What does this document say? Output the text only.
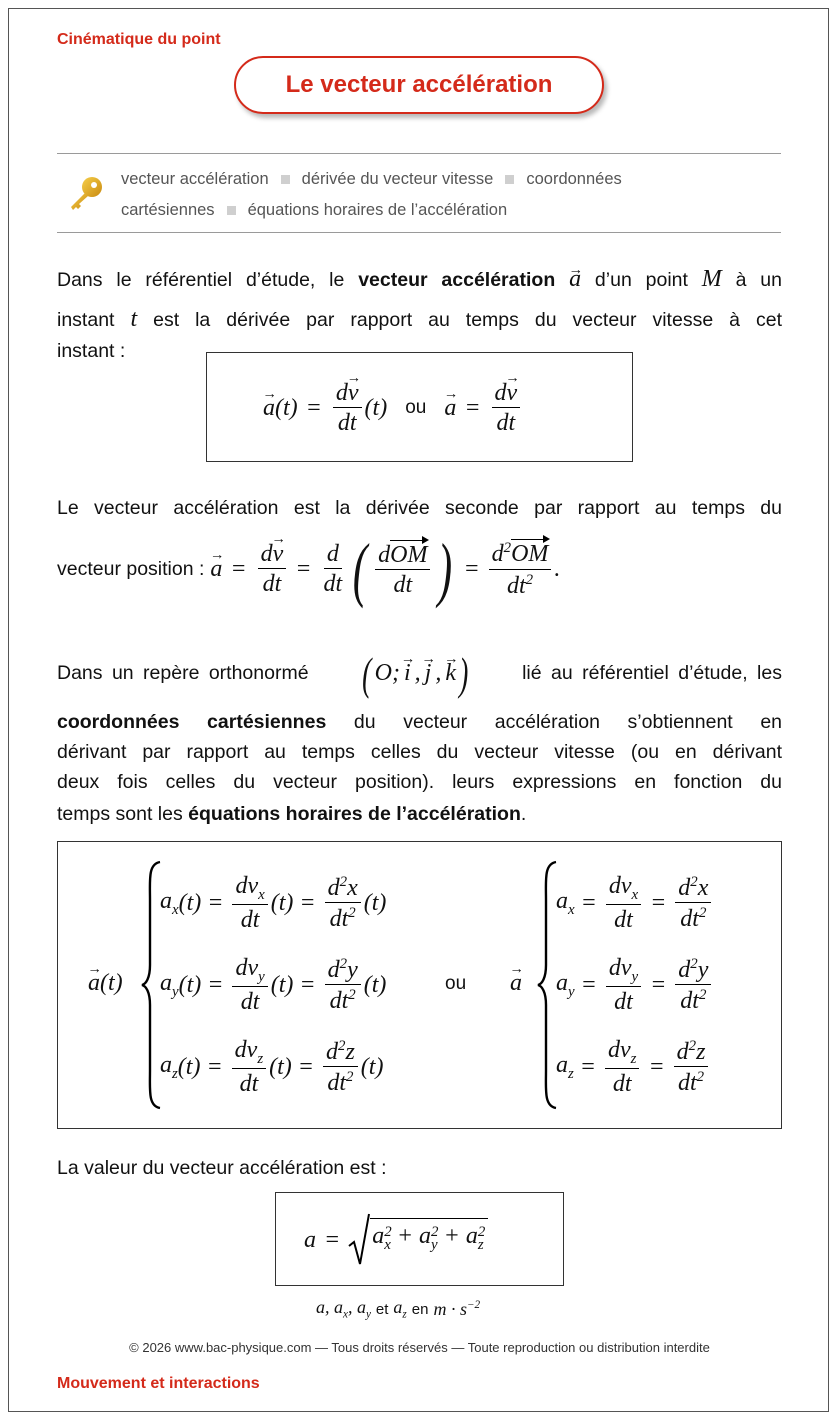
Cinématique du point
Le vecteur accélération
vecteur accélération dérivée du vecteur vitesse coordonnées
cartésiennes équations horaires de l’accélération
Dans le référentiel d’étude, le vecteur accélération → a d’un point M à un
instant t est la dérivée par rapport au temps du vecteur vitesse à cet
instant :
→ a ( t ) = $\frac{d\to v}{dt}$ ( t ) ou → $a = \frac{d\to v}{dt}$
Le vecteur accélération est la dérivée seconde par rapport au temps du
vecteur position : → $a = \frac{d\to v}{dt} = \frac{d}{dt}$ ( $\frac{\text{dOM}}{dt}$ ) = $\frac{d^2OM}{dt^2}$ .
Dans un repère orthonormé ( O; → i , → j , → k )	lié au référentiel d’étude, les
coordonnées cartésiennes du vecteur accélération s’obtiennent en
dérivant par rapport au temps celles du vecteur vitesse (ou en dérivant
deux fois celles du vecteur position). leurs expressions en fonction du
temps sont les équations horaires de l’accélération.
→ a(t)
$a_x$ ( t ) = $\frac{dv_x}{dt}$ ( t ) = $\frac{d^2x}{dt^2}$ ( t )
$a_y$ ( t ) = $\frac{dv_y}{dt}$ ( t ) = $\frac{d^2y}{dt^2}$ ( t )
$a_z$ ( t ) = $\frac{dv_z}{dt}$ ( t ) = $\frac{d^2z}{dt^2}$ ( t )
ou → a
$a_x = \frac{dv_x}{dt} = \frac{d^2x}{dt^2}$
$a_y = \frac{dv_y}{dt} = \frac{d^2y}{dt^2}$
$a_z = \frac{dv_z}{dt} = \frac{d^2z}{dt^2}$
La valeur du vecteur accélération est :
$a = a_{2x} + a_{2y} + a_{2z}$
a, $a_x$, $a_y$ et $a_z$ en $m \cdot s^{-2}$
© 2026 www.bac-physique.com — Tous droits réservés — Toute reproduction ou distribution interdite
Mouvement et interactions
